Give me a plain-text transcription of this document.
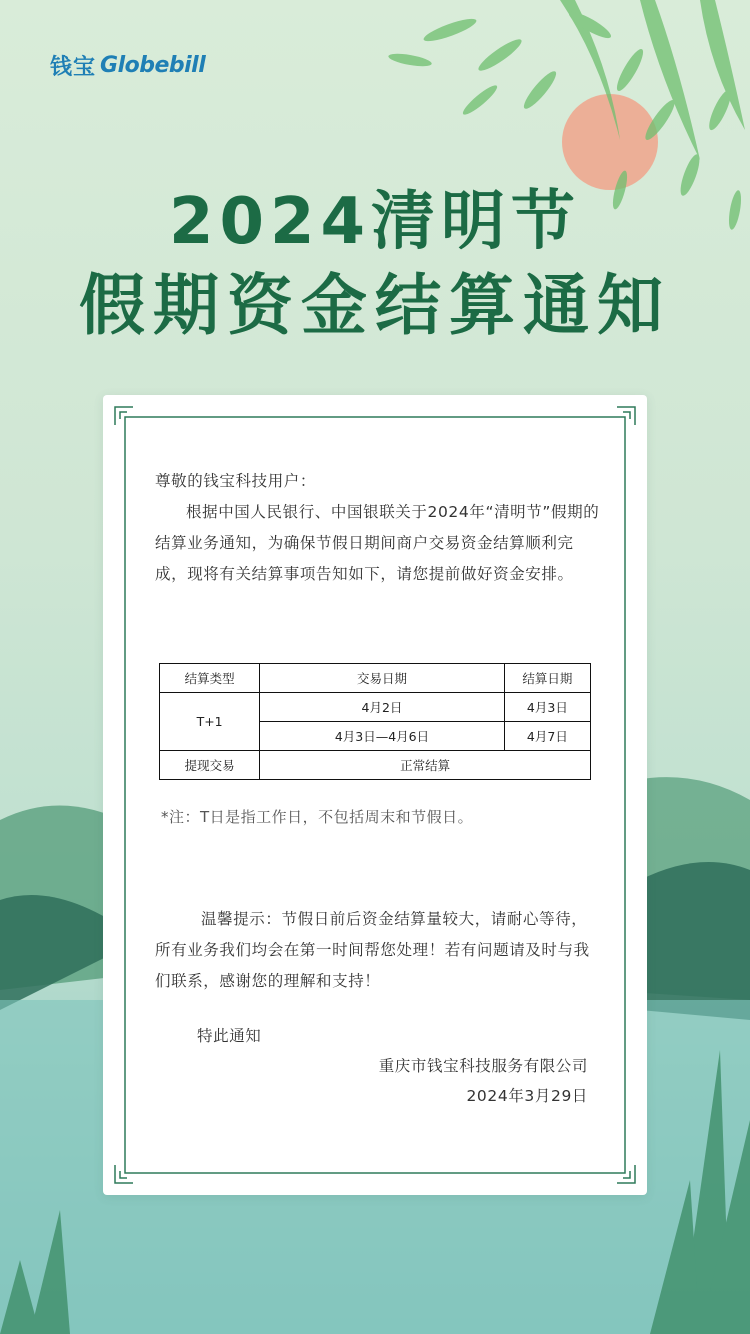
钱宝 Globebill
2024清明节
假期资金结算通知
尊敬的钱宝科技用户：
根据中国人民银行、中国银联关于2024年“清明节”假期的结算业务通知，为确保节假日期间商户交易资金结算顺利完成，现将有关结算事项告知如下，请您提前做好资金安排。
结算类型	交易日期	结算日期
T+1	4月2日	4月3日
	4月3日—4月6日	4月7日
提现交易	正常结算	
*注：T日是指工作日，不包括周末和节假日。
温馨提示：节假日前后资金结算量较大，请耐心等待，所有业务我们均会在第一时间帮您处理！若有问题请及时与我们联系，感谢您的理解和支持！
特此通知
重庆市钱宝科技服务有限公司
2024年3月29日
